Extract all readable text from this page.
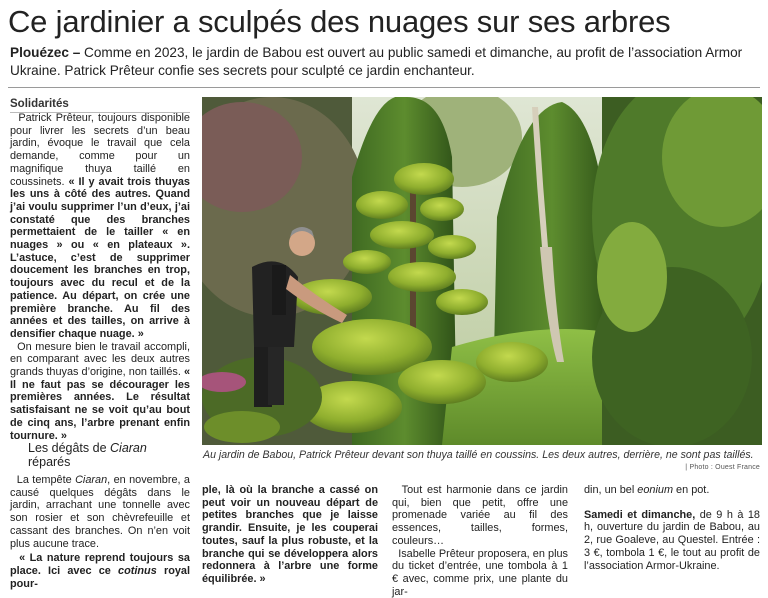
Ce jardinier a sculpés des nuages sur ses arbres
Plouézec – Comme en 2023, le jardin de Babou est ouvert au public samedi et dimanche, au profit de l’association Armor Ukraine. Patrick Prêteur confie ses secrets pour sculpté ce jardin enchanteur.
Solidarités

Patrick Prêteur, toujours disponible pour livrer les secrets d’un beau jardin, évoque le travail que cela demande, comme pour un magnifique thuya taillé en coussinets. « Il y avait trois thuyas les uns à côté des autres. Quand j’ai voulu supprimer l’un d’eux, j’ai constaté que des branches permettaient de le tailler « en nuages » ou « en plateaux ». L’astuce, c’est de supprimer doucement les branches en trop, toujours avec du recul et de la patience. Au départ, on crée une première branche. Au fil des années et des tailles, on arrive à densifier chaque nuage. »

On mesure bien le travail accompli, en comparant avec les deux autres grands thuyas d’origine, non taillés. « Il ne faut pas se décourager les premières années. Le résultat satisfaisant ne se voit qu’au bout de cinq ans, l’arbre prenant enfin tournure. »

Les dégâts de Ciaran
réparés

La tempête Ciaran, en novembre, a causé quelques dégâts dans le jardin, arrachant une tonnelle avec son rosier et son chèvrefeuille et cassant des branches. On n’en voit plus aucune trace.

« La nature reprend toujours sa place. Ici avec ce cotinus royal pour-

Au jardin de Babou, Patrick Prêteur devant son thuya taillé en coussins. Les deux autres, derrière, ne sont pas taillés.
| Photo : Ouest France

ple, là où la branche a cassé on peut voir un nouveau départ de petites branches que je laisse grandir. Ensuite, je les couperai toutes, sauf la plus robuste, et la branche qui se développera alors redonnera à l’arbre une forme équilibrée. »

Tout est harmonie dans ce jardin qui, bien que petit, offre une promenade variée au fil des essences, tailles, formes, couleurs…

Isabelle Prêteur proposera, en plus du ticket d’entrée, une tombola à 1 € avec, comme prix, une plante du jar-

din, un bel eonium en pot.

Samedi et dimanche, de 9 h à 18 h, ouverture du jardin de Babou, au 2, rue Goaleve, au Questel. Entrée : 3 €, tombola 1 €, le tout au profit de l’association Armor-Ukraine.
